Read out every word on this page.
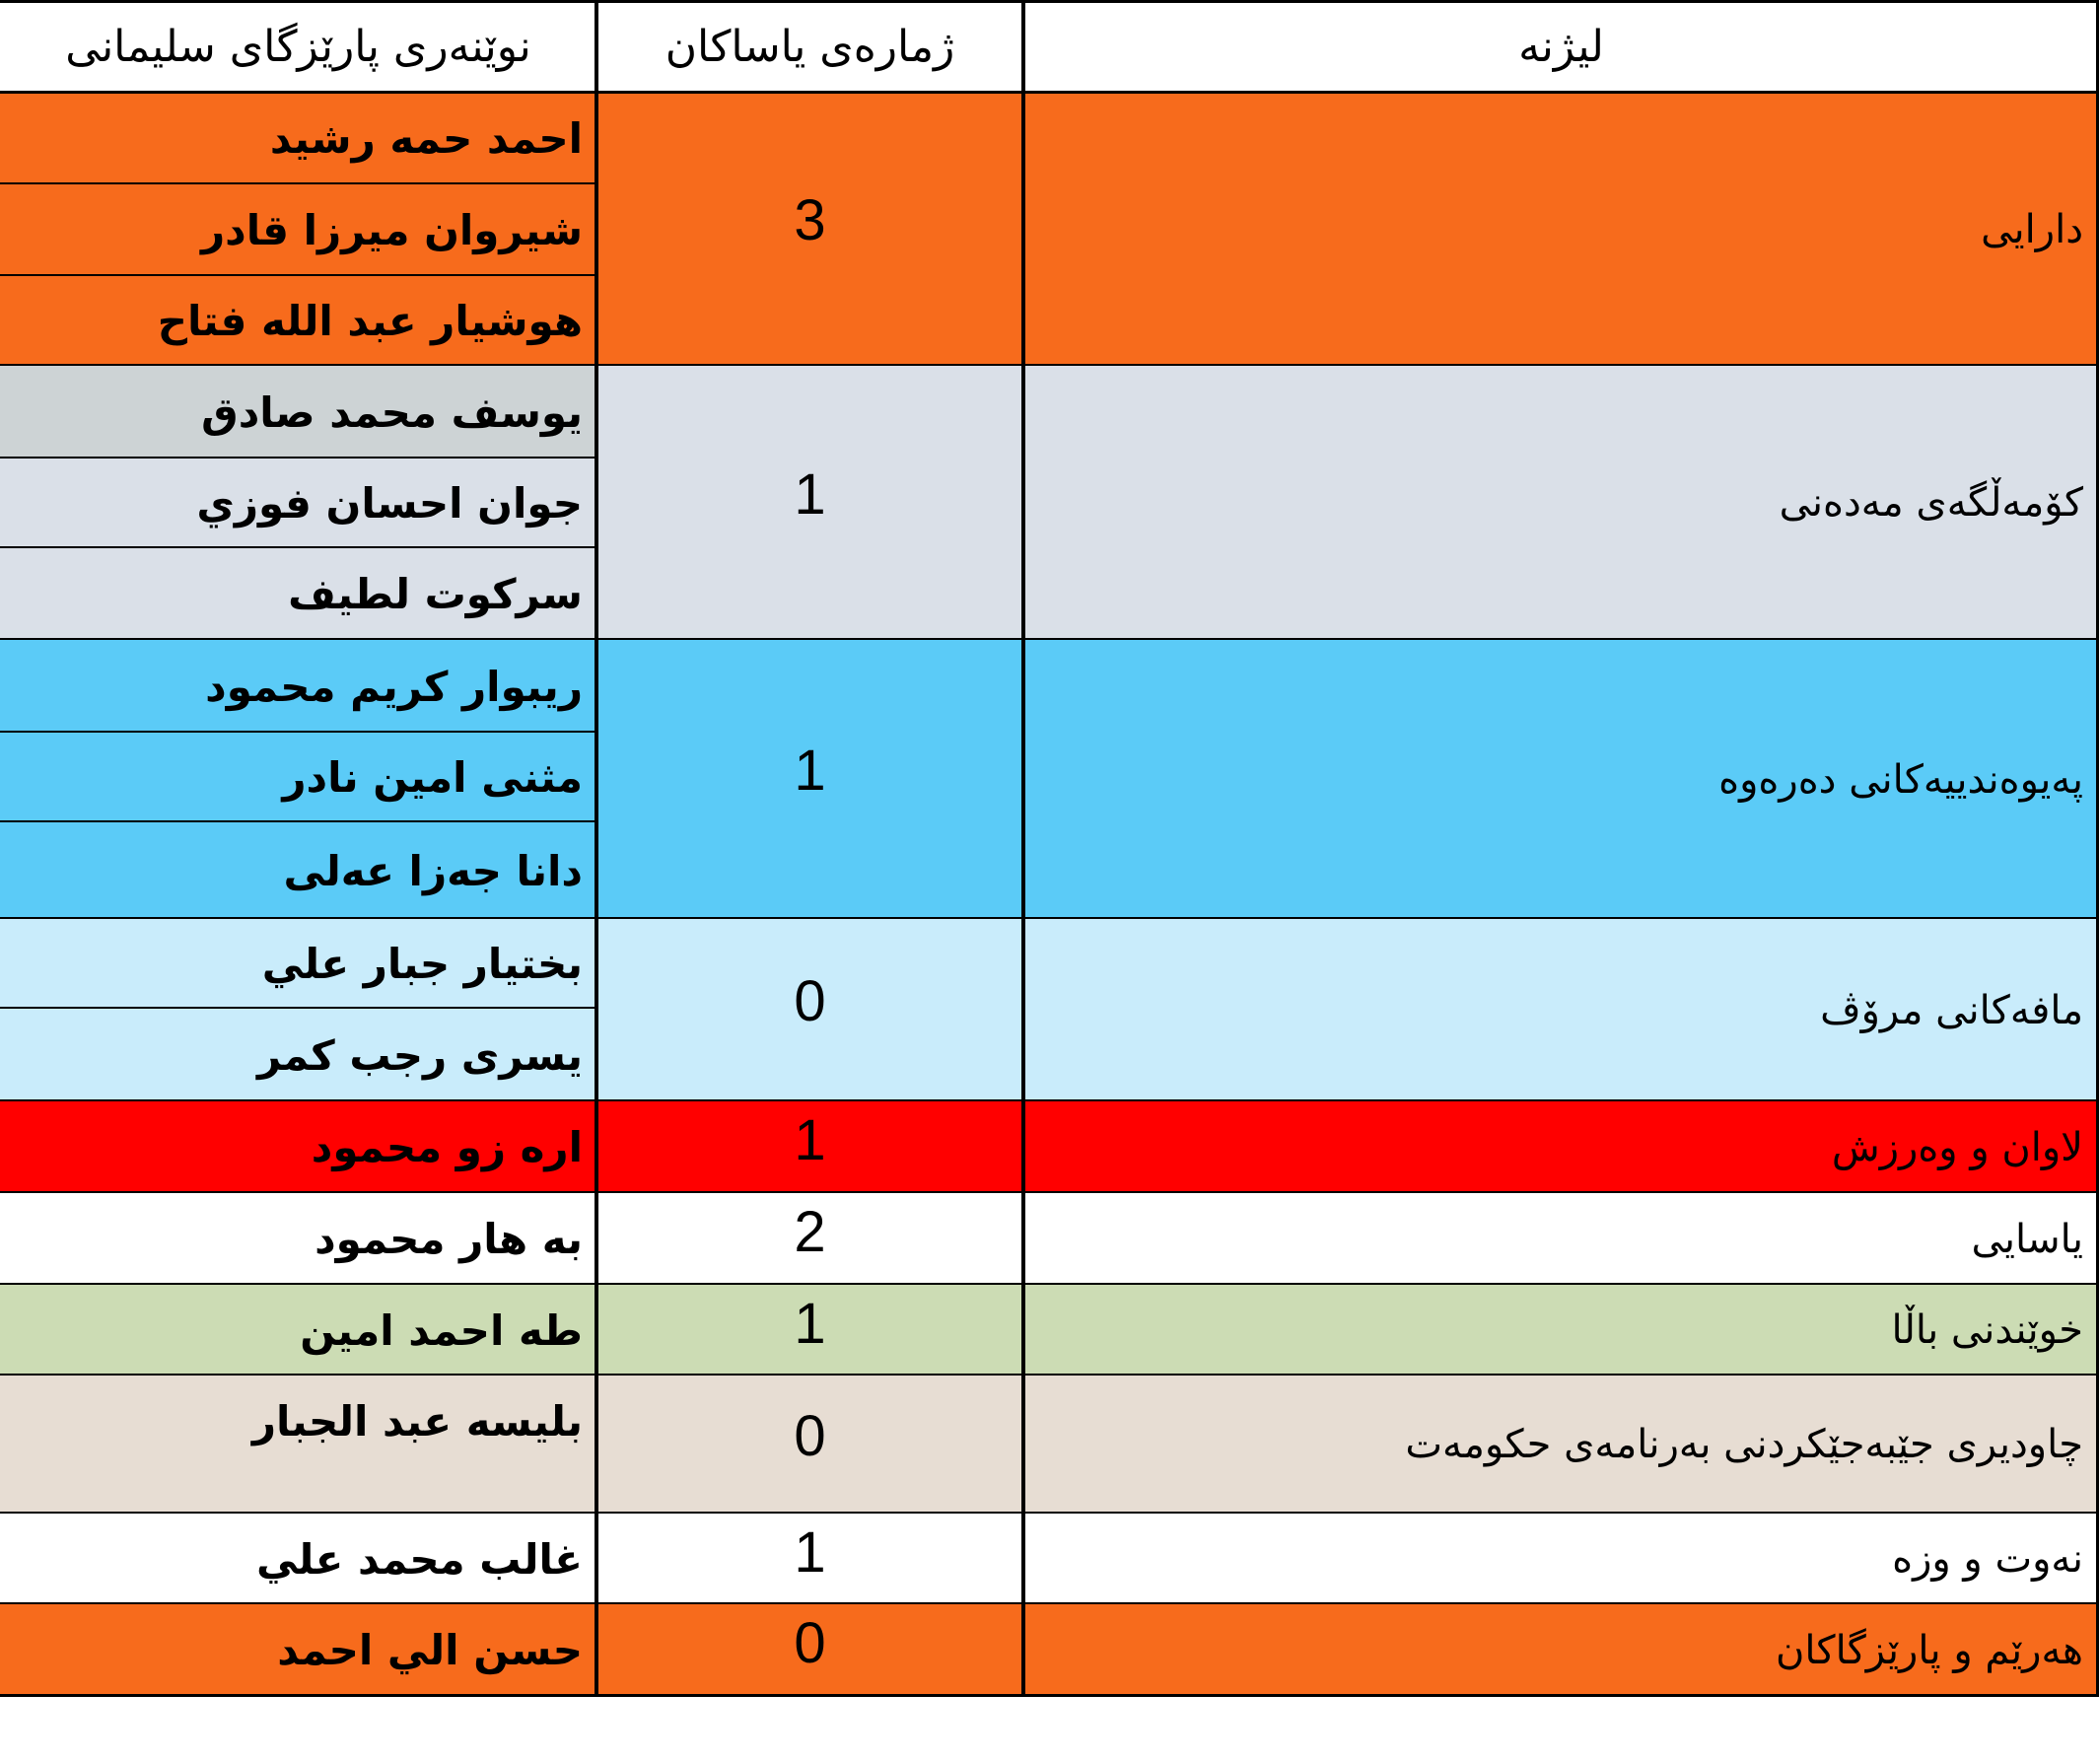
نوێنەری پارێزگای سلیمانی	ژمارەی یاساکان	لیژنە
دارایی
3
احمد حمه رشيد
شيروان ميرزا قادر
هوشيار عبد الله فتاح
کۆمەڵگەی مەدەنی
1
يوسف محمد صادق
جوان احسان فوزي
سرکوت لطيف
پەیوەندییەکانی دەرەوە
1
ريبوار کريم محمود
مثنى امين نادر
دانا جەزا عەلی
مافەکانی مرۆڤ
0
بختيار جبار علي
يسرى رجب کمر
لاوان و وەرزش
1
اره زو محمود
یاسایی
2
به هار محمود
خوێندنی باڵا
1
طه احمد امين
چاودیری جێبەجێکردنی بەرنامەی حکومەت
0
بليسه عبد الجبار
نەوت و وزە
1
غالب محمد علي
هەرێم و پارێزگاکان
0
حسن الي احمد
